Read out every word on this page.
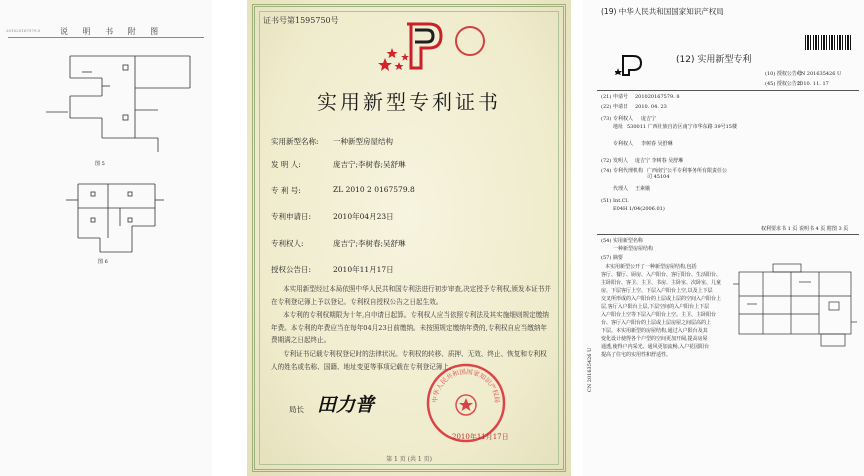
201020167579.5 说 明 书 附 图
图 5
图 6
证书号第1595750号
实用新型专利证书
实用新型名称: 一种新型房屋结构
发 明 人:	庞吉宁;李树春;吴舒琳
专 利 号:	ZL 2010 2 0167579.8
专利申请日:	2010年04月23日
专利权人:	庞吉宁;李树春;吴舒琳
授权公告日:	2010年11月17日
本实用新型经过本局依照中华人民共和国专利法进行初步审查,决定授予专利权,颁发本证书并在专利登记簿上予以登记。专利权自授权公告之日起生效。
本专利的专利权期限为十年,自申请日起算。专利权人应当依照专利法及其实施细则规定缴纳年费。本专利的年费应当在每年04月23日前缴纳。未按照规定缴纳年费的,专利权自应当缴纳年费期满之日起终止。
专利证书记载专利权登记时的法律状况。专利权的转移、质押、无效、终止、恢复和专利权人的姓名或名称、国籍、地址变更等事项记载在专利登记簿上。
局长 田力普	中华人民共和国国家知识产权局
2010年11月17日
第 1 页 (共 1 页)
(19) 中华人民共和国国家知识产权局
(12) 实用新型专利
(10) 授权公告号
CN 201635426 U
(45) 授权公告日
2010. 11. 17
(21) 申请号 201020167579. 8
(22) 申请日 2010. 04. 23
(73) 专利权人 庞吉宁
地址 530011 广西壮族自治区南宁市华东路 39号15楼
专利权人 李树春 吴舒琳
(72) 发明人 庞吉宁 李树春 吴舒琳
(74) 专利代理机构 广西南宁公平专利事务所有限责任公司 45104
代理人 王素娥
(51) Int.Cl.
E04H 1/04(2006.01)
权利要求书 1 页 说明书 4 页 附图 3 页
(54) 实用新型名称
一种新型房屋结构
(57) 摘要
本实用新型公开了一种新型房屋结构,包括
客厅、餐厅、厨房、入户阳台、客厅阳台、生活阳台、
主卧阳台、客卫、主卫、书房、主卧室、次卧室、儿童
房、下层客厅上空、下层入户阳台上空,以及上下层
交叉所形成的入户阳台的上层或上层的空间入户阳台上
层,客厅入户阳台上层,下层空间的入户阳台上下层
入户阳台上空等下层入户阳台上空。主卫、主卧阳台
台、客厅入户阳台的上层或上层房屋之间层高的上
下层。本实用新型的房屋结构,通过入户阳台及其
变化设计使得各个户型的空间更加开阔,提高房屋
通透,使得户内采光、通风更加流畅,入户花园阳台
提高了住宅的实用性和舒适性。
CN 201635426 U
